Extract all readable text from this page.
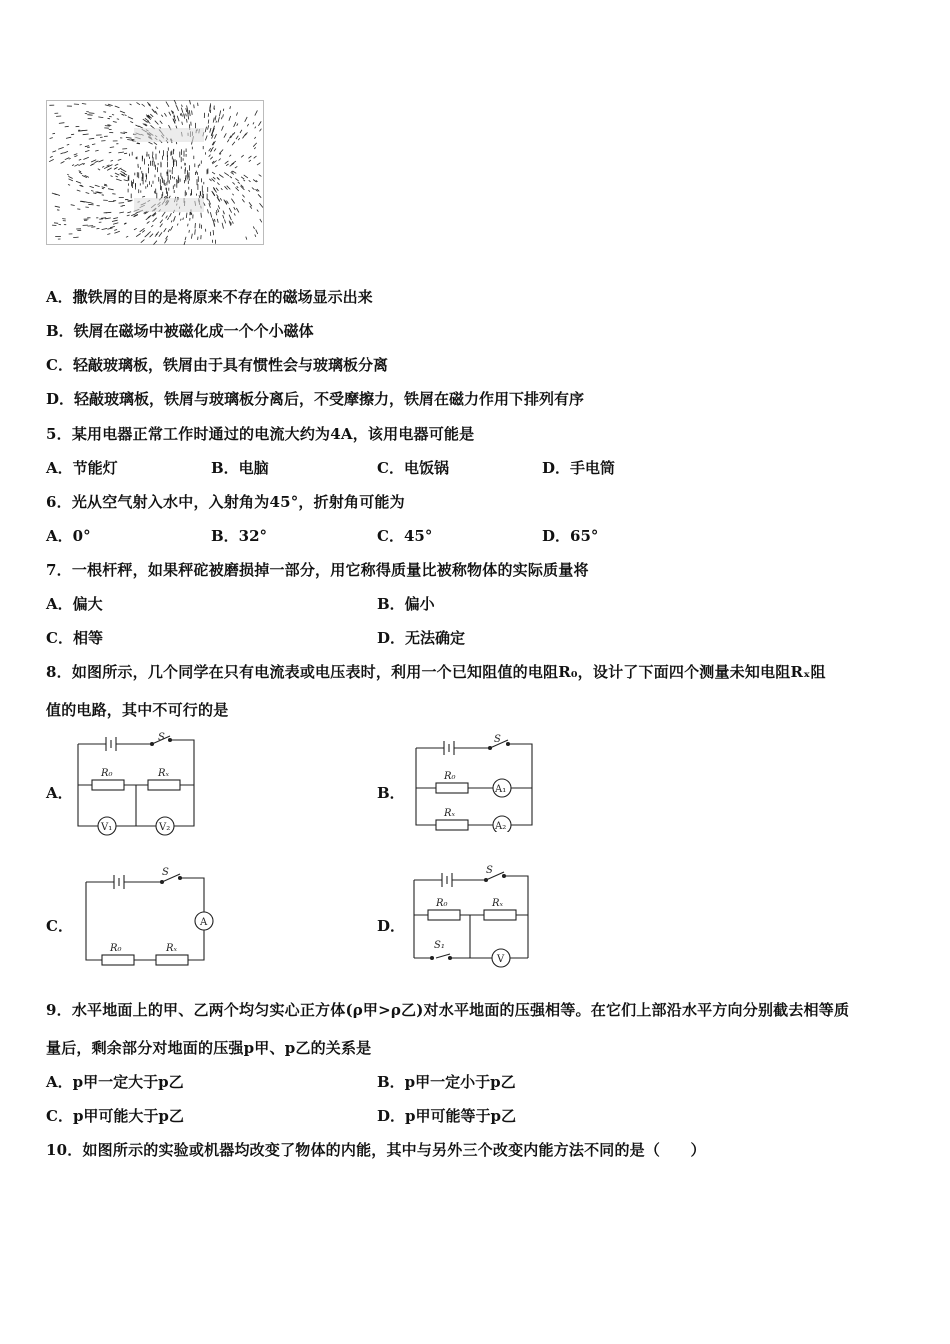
A．撒铁屑的目的是将原来不存在的磁场显示出来
B．铁屑在磁场中被磁化成一个个小磁体
C．轻敲玻璃板，铁屑由于具有惯性会与玻璃板分离
D．轻敲玻璃板，铁屑与玻璃板分离后，不受摩擦力，铁屑在磁力作用下排列有序
5．某用电器正常工作时通过的电流大约为4A，该用电器可能是
A．节能灯	B．电脑	C．电饭锅	D．手电筒
6．光从空气射入水中，入射角为45°，折射角可能为
A．0°	B．32°	C．45°	D．65°
7．一根杆秤，如果秤砣被磨损掉一部分，用它称得质量比被称物体的实际质量将
A．偏大	B．偏小
C．相等	D．无法确定
8．如图所示，几个同学在只有电流表或电压表时，利用一个已知阻值的电阻R₀，设计了下面四个测量未知电阻Rₓ阻
值的电路，其中不可行的是
A．	B．
C．	D．
S
R₀	Rₓ
V₁	V₂
S
R₀
Rₓ
A₁
A₂
S
A
R₀	Rₓ
S
R₀	Rₓ
S₁
V
9．水平地面上的甲、乙两个均匀实心正方体(ρ甲>ρ乙)对水平地面的压强相等。在它们上部沿水平方向分别截去相等质
量后，剩余部分对地面的压强p甲、p乙的关系是
A．p甲一定大于p乙	B．p甲一定小于p乙
C．p甲可能大于p乙	D．p甲可能等于p乙
10．如图所示的实验或机器均改变了物体的内能，其中与另外三个改变内能方法不同的是（　　）
